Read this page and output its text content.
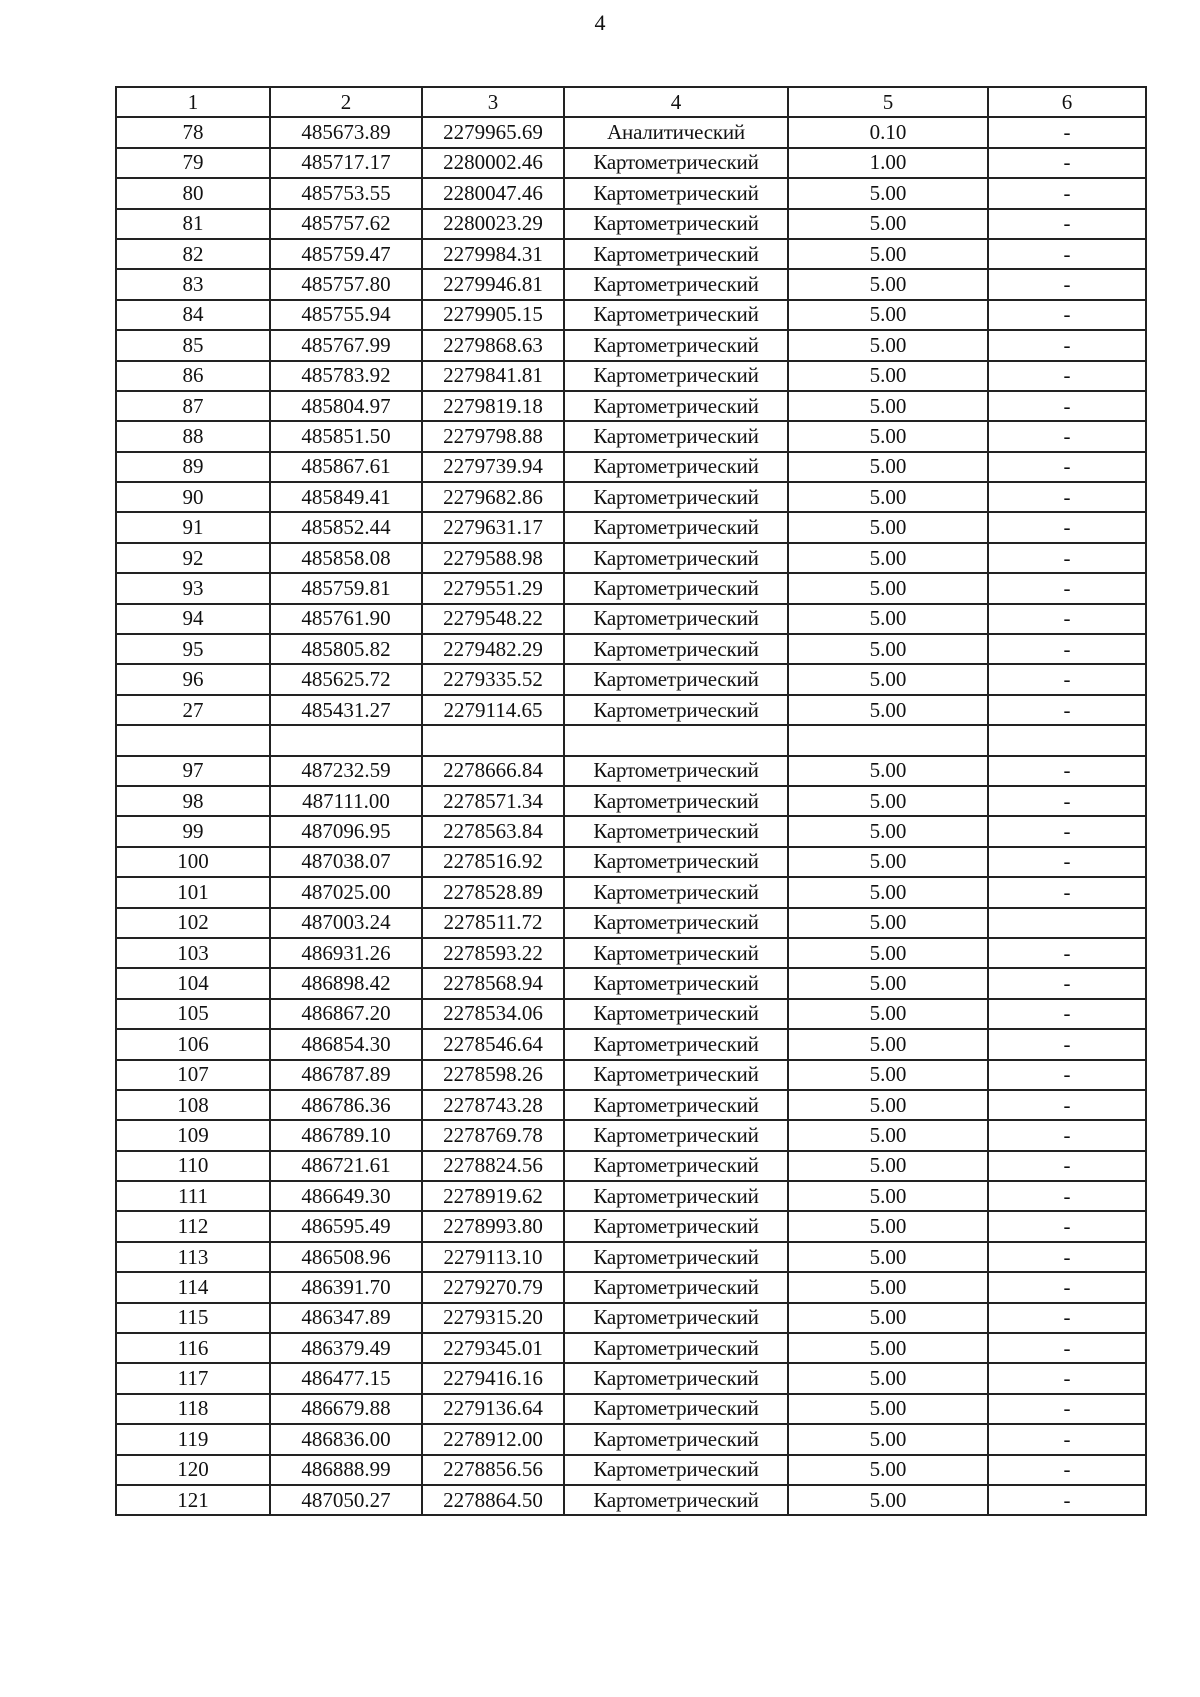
4
1	2	3	4	5	6
78	485673.89	2279965.69	Аналитический	0.10	-
79	485717.17	2280002.46	Картометрический	1.00	-
80	485753.55	2280047.46	Картометрический	5.00	-
81	485757.62	2280023.29	Картометрический	5.00	-
82	485759.47	2279984.31	Картометрический	5.00	-
83	485757.80	2279946.81	Картометрический	5.00	-
84	485755.94	2279905.15	Картометрический	5.00	-
85	485767.99	2279868.63	Картометрический	5.00	-
86	485783.92	2279841.81	Картометрический	5.00	-
87	485804.97	2279819.18	Картометрический	5.00	-
88	485851.50	2279798.88	Картометрический	5.00	-
89	485867.61	2279739.94	Картометрический	5.00	-
90	485849.41	2279682.86	Картометрический	5.00	-
91	485852.44	2279631.17	Картометрический	5.00	-
92	485858.08	2279588.98	Картометрический	5.00	-
93	485759.81	2279551.29	Картометрический	5.00	-
94	485761.90	2279548.22	Картометрический	5.00	-
95	485805.82	2279482.29	Картометрический	5.00	-
96	485625.72	2279335.52	Картометрический	5.00	-
27	485431.27	2279114.65	Картометрический	5.00	-

97	487232.59	2278666.84	Картометрический	5.00	-
98	487111.00	2278571.34	Картометрический	5.00	-
99	487096.95	2278563.84	Картометрический	5.00	-
100	487038.07	2278516.92	Картометрический	5.00	-
101	487025.00	2278528.89	Картометрический	5.00	-
102	487003.24	2278511.72	Картометрический	5.00	
103	486931.26	2278593.22	Картометрический	5.00	-
104	486898.42	2278568.94	Картометрический	5.00	-
105	486867.20	2278534.06	Картометрический	5.00	-
106	486854.30	2278546.64	Картометрический	5.00	-
107	486787.89	2278598.26	Картометрический	5.00	-
108	486786.36	2278743.28	Картометрический	5.00	-
109	486789.10	2278769.78	Картометрический	5.00	-
110	486721.61	2278824.56	Картометрический	5.00	-
111	486649.30	2278919.62	Картометрический	5.00	-
112	486595.49	2278993.80	Картометрический	5.00	-
113	486508.96	2279113.10	Картометрический	5.00	-
114	486391.70	2279270.79	Картометрический	5.00	-
115	486347.89	2279315.20	Картометрический	5.00	-
116	486379.49	2279345.01	Картометрический	5.00	-
117	486477.15	2279416.16	Картометрический	5.00	-
118	486679.88	2279136.64	Картометрический	5.00	-
119	486836.00	2278912.00	Картометрический	5.00	-
120	486888.99	2278856.56	Картометрический	5.00	-
121	487050.27	2278864.50	Картометрический	5.00	-
